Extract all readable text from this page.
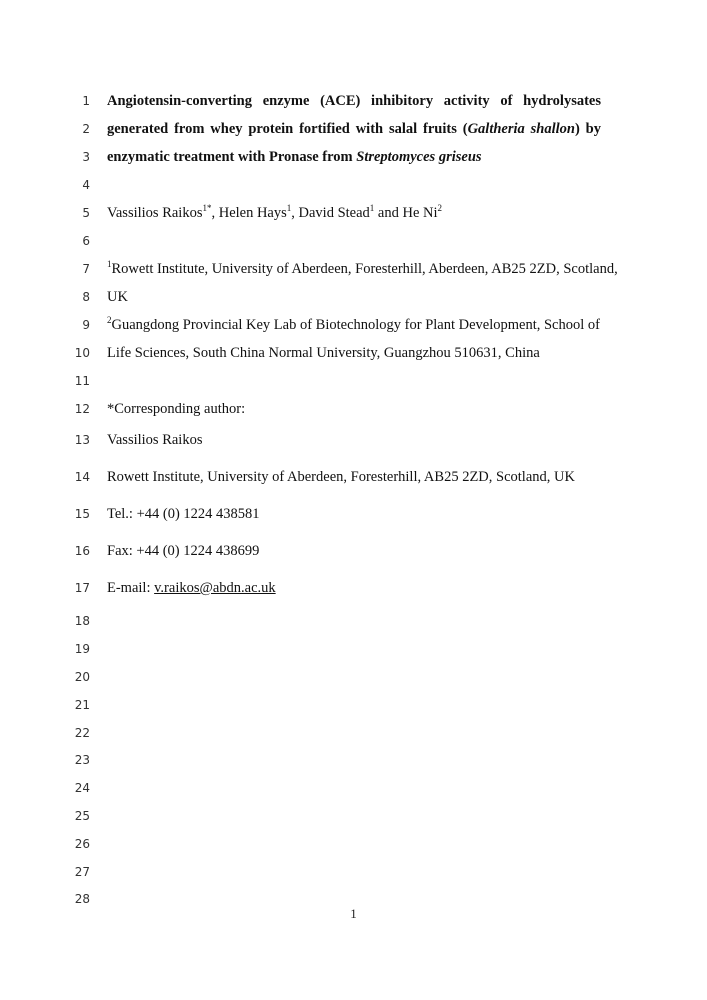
1
2
3
4
5
6
7
8
9
10
11
12
13
14
15
16
17
18
19
20
21
22
23
24
25
26
27
28
Angiotensin-converting enzyme (ACE) inhibitory activity of hydrolysates
generated from whey protein fortified with salal fruits (Galtheria shallon) by
enzymatic treatment with Pronase from Streptomyces griseus
Vassilios Raikos$^{1*}$, Helen Hays$^1$, David Stead$^1$ and He Ni$^2$
$^1$Rowett Institute, University of Aberdeen, Foresterhill, Aberdeen, AB25 2ZD, Scotland,
UK
$^2$Guangdong Provincial Key Lab of Biotechnology for Plant Development, School of
Life Sciences, South China Normal University, Guangzhou 510631, China
*Corresponding author:
Vassilios Raikos
Rowett Institute, University of Aberdeen, Foresterhill, AB25 2ZD, Scotland, UK
Tel.: +44 (0) 1224 438581
Fax: +44 (0) 1224 438699
E-mail: v.raikos@abdn.ac.uk
1
